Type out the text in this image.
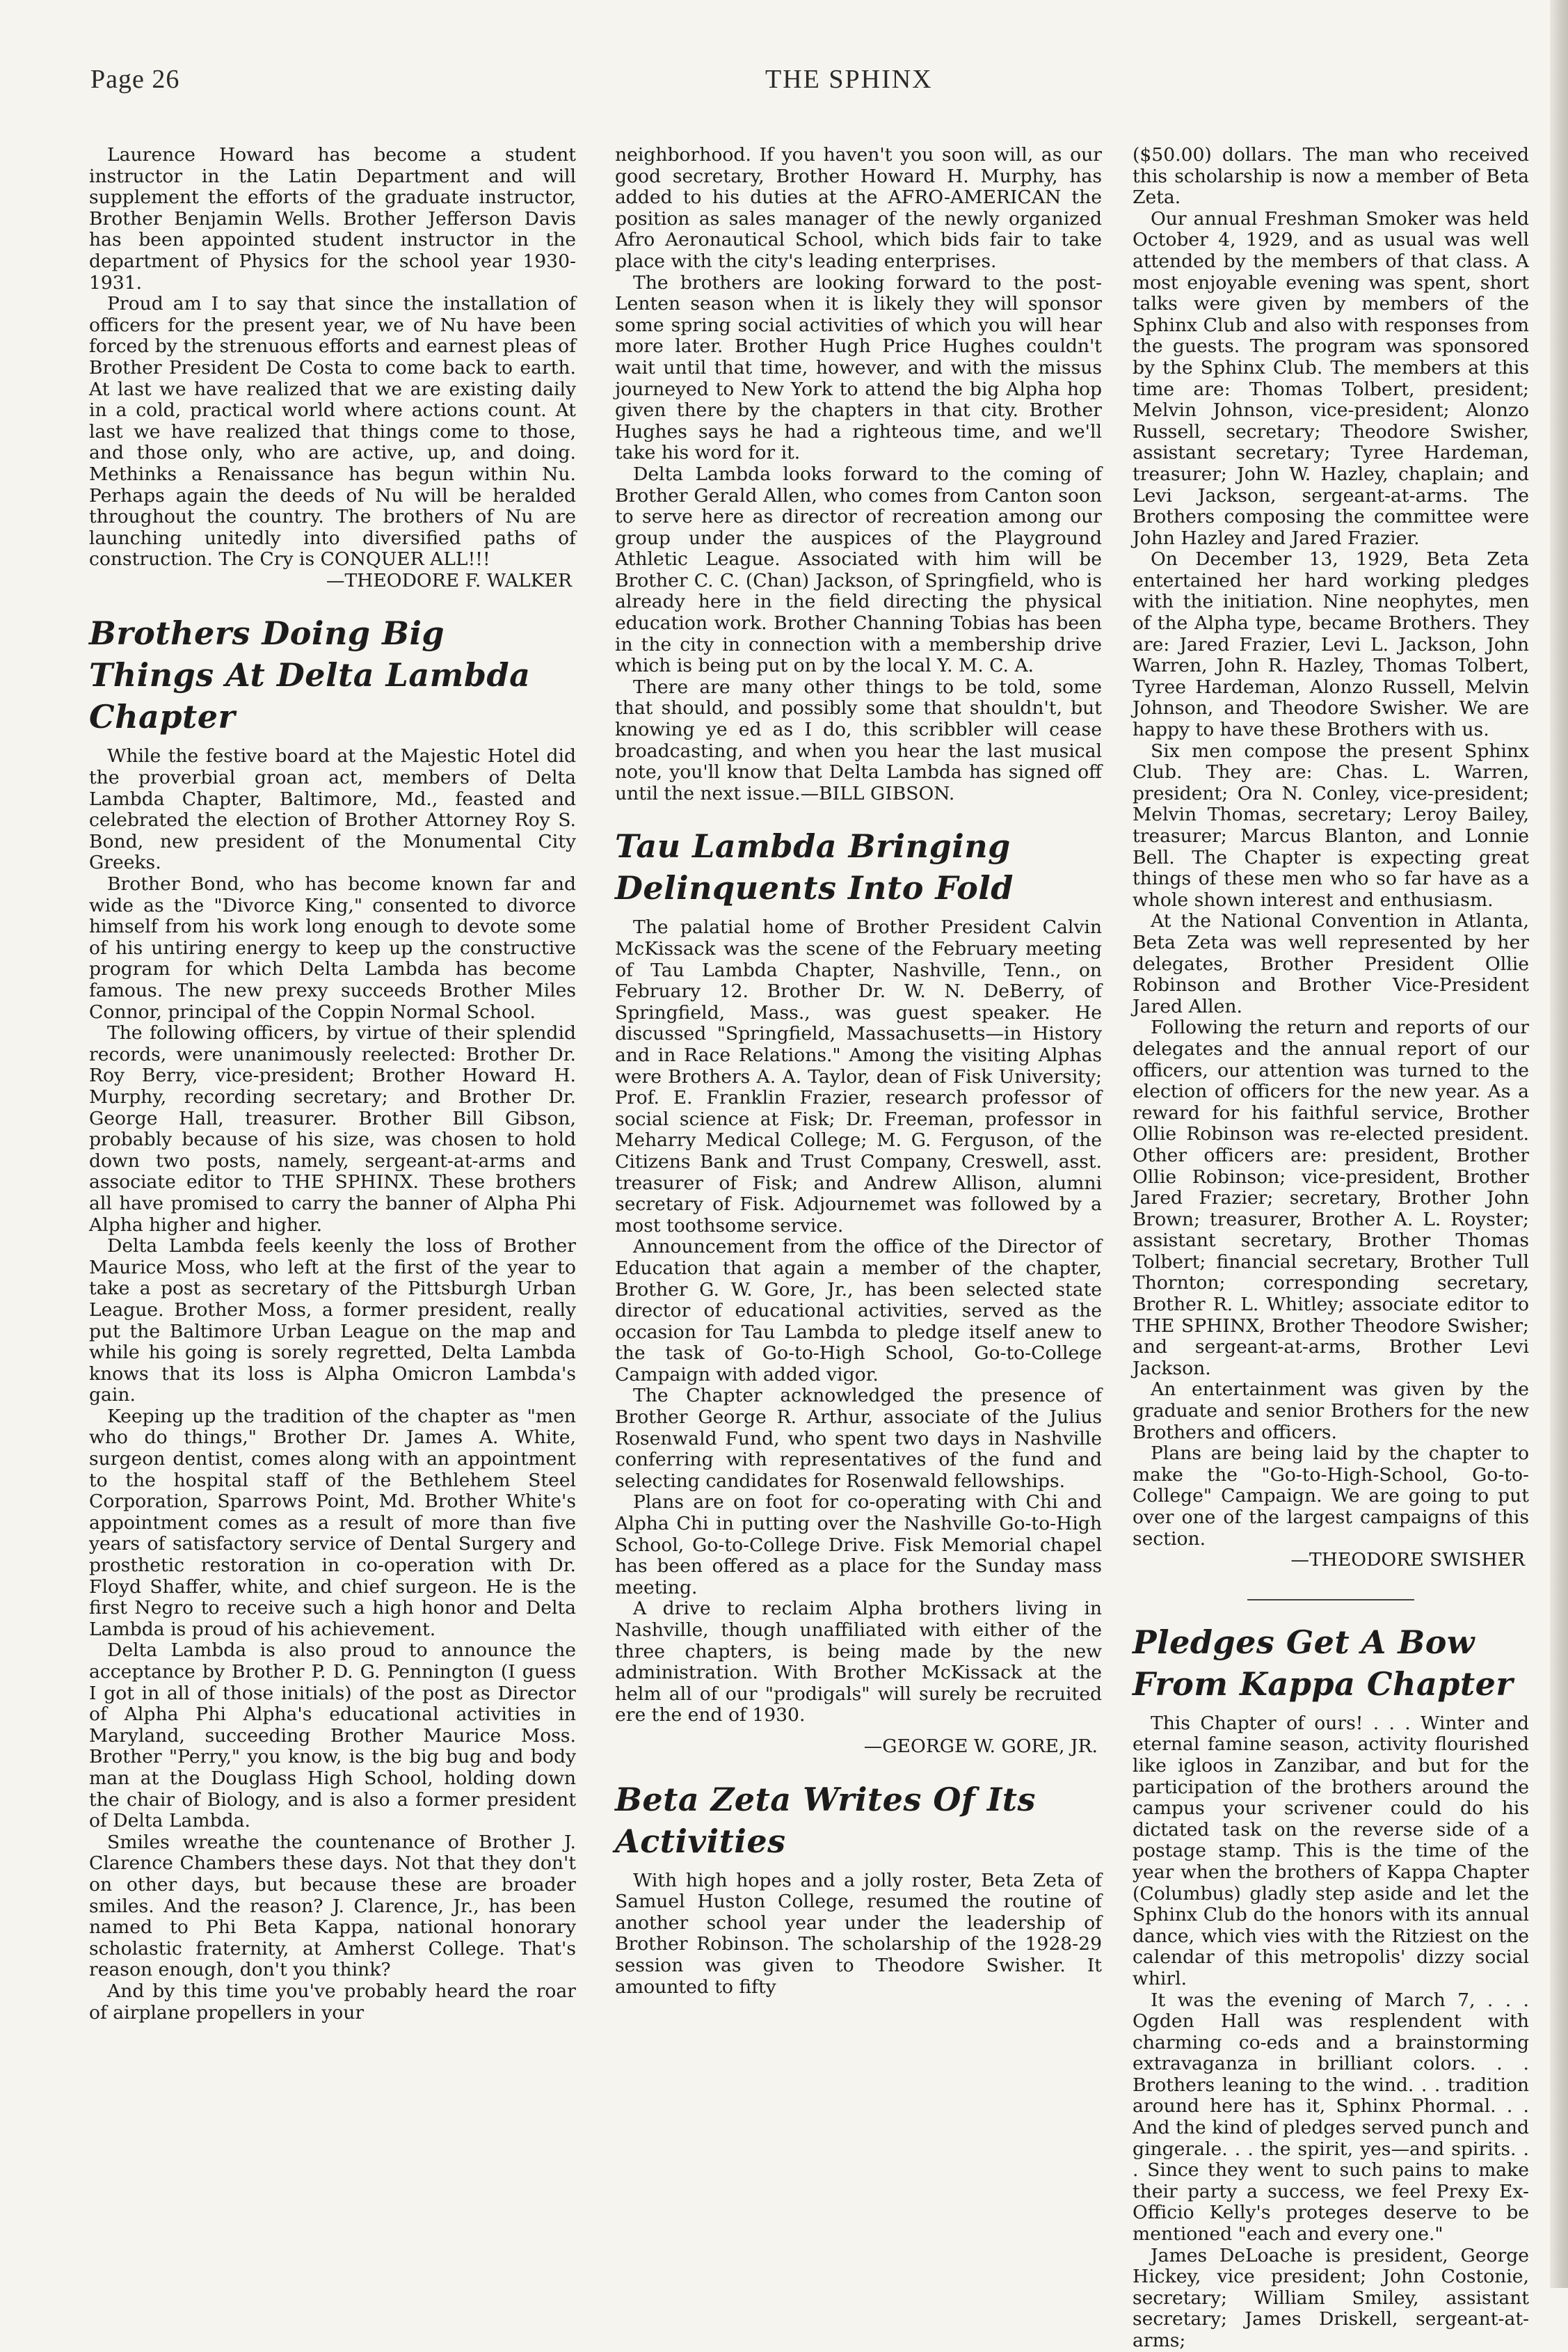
Page 26	THE SPHINX

Laurence Howard has become a student instructor in the Latin Department and will supplement the efforts of the graduate instructor, Brother Benjamin Wells. Brother Jefferson Davis has been appointed student instructor in the department of Physics for the school year 1930-1931.

Proud am I to say that since the installation of officers for the present year, we of Nu have been forced by the strenuous efforts and earnest pleas of Brother President De Costa to come back to earth. At last we have realized that we are existing daily in a cold, practical world where actions count. At last we have realized that things come to those, and those only, who are active, up, and doing. Methinks a Renaissance has begun within Nu. Perhaps again the deeds of Nu will be heralded throughout the country. The brothers of Nu are launching unitedly into diversified paths of construction. The Cry is CONQUER ALL!!!

—THEODORE F. WALKER

Brothers Doing Big Things At Delta Lambda Chapter

While the festive board at the Majestic Hotel did the proverbial groan act, members of Delta Lambda Chapter, Baltimore, Md., feasted and celebrated the election of Brother Attorney Roy S. Bond, new president of the Monumental City Greeks.

Brother Bond, who has become known far and wide as the "Divorce King," consented to divorce himself from his work long enough to devote some of his untiring energy to keep up the constructive program for which Delta Lambda has become famous. The new prexy succeeds Brother Miles Connor, principal of the Coppin Normal School.

The following officers, by virtue of their splendid records, were unanimously reelected: Brother Dr. Roy Berry, vice-president; Brother Howard H. Murphy, recording secretary; and Brother Dr. George Hall, treasurer. Brother Bill Gibson, probably because of his size, was chosen to hold down two posts, namely, sergeant-at-arms and associate editor to THE SPHINX. These brothers all have promised to carry the banner of Alpha Phi Alpha higher and higher.

Delta Lambda feels keenly the loss of Brother Maurice Moss, who left at the first of the year to take a post as secretary of the Pittsburgh Urban League. Brother Moss, a former president, really put the Baltimore Urban League on the map and while his going is sorely regretted, Delta Lambda knows that its loss is Alpha Omicron Lambda's gain.

Keeping up the tradition of the chapter as "men who do things," Brother Dr. James A. White, surgeon dentist, comes along with an appointment to the hospital staff of the Bethlehem Steel Corporation, Sparrows Point, Md. Brother White's appointment comes as a result of more than five years of satisfactory service of Dental Surgery and prosthetic restoration in co-operation with Dr. Floyd Shaffer, white, and chief surgeon. He is the first Negro to receive such a high honor and Delta Lambda is proud of his achievement.

Delta Lambda is also proud to announce the acceptance by Brother P. D. G. Pennington (I guess I got in all of those initials) of the post as Director of Alpha Phi Alpha's educational activities in Maryland, succeeding Brother Maurice Moss. Brother "Perry," you know, is the big bug and body man at the Douglass High School, holding down the chair of Biology, and is also a former president of Delta Lambda.

Smiles wreathe the countenance of Brother J. Clarence Chambers these days. Not that they don't on other days, but because these are broader smiles. And the reason? J. Clarence, Jr., has been named to Phi Beta Kappa, national honorary scholastic fraternity, at Amherst College. That's reason enough, don't you think?

And by this time you've probably heard the roar of airplane propellers in your

neighborhood. If you haven't you soon will, as our good secretary, Brother Howard H. Murphy, has added to his duties at the AFRO-AMERICAN the position as sales manager of the newly organized Afro Aeronautical School, which bids fair to take place with the city's leading enterprises.

The brothers are looking forward to the post-Lenten season when it is likely they will sponsor some spring social activities of which you will hear more later. Brother Hugh Price Hughes couldn't wait until that time, however, and with the missus journeyed to New York to attend the big Alpha hop given there by the chapters in that city. Brother Hughes says he had a righteous time, and we'll take his word for it.

Delta Lambda looks forward to the coming of Brother Gerald Allen, who comes from Canton soon to serve here as director of recreation among our group under the auspices of the Playground Athletic League. Associated with him will be Brother C. C. (Chan) Jackson, of Springfield, who is already here in the field directing the physical education work. Brother Channing Tobias has been in the city in connection with a membership drive which is being put on by the local Y. M. C. A.

There are many other things to be told, some that should, and possibly some that shouldn't, but knowing ye ed as I do, this scribbler will cease broadcasting, and when you hear the last musical note, you'll know that Delta Lambda has signed off until the next issue.—BILL GIBSON.

Tau Lambda Bringing Delinquents Into Fold

The palatial home of Brother President Calvin McKissack was the scene of the February meeting of Tau Lambda Chapter, Nashville, Tenn., on February 12. Brother Dr. W. N. DeBerry, of Springfield, Mass., was guest speaker. He discussed "Springfield, Massachusetts—in History and in Race Relations." Among the visiting Alphas were Brothers A. A. Taylor, dean of Fisk University; Prof. E. Franklin Frazier, research professor of social science at Fisk; Dr. Freeman, professor in Meharry Medical College; M. G. Ferguson, of the Citizens Bank and Trust Company, Creswell, asst. treasurer of Fisk; and Andrew Allison, alumni secretary of Fisk. Adjournemet was followed by a most toothsome service.

Announcement from the office of the Director of Education that again a member of the chapter, Brother G. W. Gore, Jr., has been selected state director of educational activities, served as the occasion for Tau Lambda to pledge itself anew to the task of Go-to-High School, Go-to-College Campaign with added vigor.

The Chapter acknowledged the presence of Brother George R. Arthur, associate of the Julius Rosenwald Fund, who spent two days in Nashville conferring with representatives of the fund and selecting candidates for Rosenwald fellowships.

Plans are on foot for co-operating with Chi and Alpha Chi in putting over the Nashville Go-to-High School, Go-to-College Drive. Fisk Memorial chapel has been offered as a place for the Sunday mass meeting.

A drive to reclaim Alpha brothers living in Nashville, though unaffiliated with either of the three chapters, is being made by the new administration. With Brother McKissack at the helm all of our "prodigals" will surely be recruited ere the end of 1930.

—GEORGE W. GORE, JR.

Beta Zeta Writes Of Its Activities

With high hopes and a jolly roster, Beta Zeta of Samuel Huston College, resumed the routine of another school year under the leadership of Brother Robinson. The scholarship of the 1928-29 session was given to Theodore Swisher. It amounted to fifty

($50.00) dollars. The man who received this scholarship is now a member of Beta Zeta.

Our annual Freshman Smoker was held October 4, 1929, and as usual was well attended by the members of that class. A most enjoyable evening was spent, short talks were given by members of the Sphinx Club and also with responses from the guests. The program was sponsored by the Sphinx Club. The members at this time are: Thomas Tolbert, president; Melvin Johnson, vice-president; Alonzo Russell, secretary; Theodore Swisher, assistant secretary; Tyree Hardeman, treasurer; John W. Hazley, chaplain; and Levi Jackson, sergeant-at-arms. The Brothers composing the committee were John Hazley and Jared Frazier.

On December 13, 1929, Beta Zeta entertained her hard working pledges with the initiation. Nine neophytes, men of the Alpha type, became Brothers. They are: Jared Frazier, Levi L. Jackson, John Warren, John R. Hazley, Thomas Tolbert, Tyree Hardeman, Alonzo Russell, Melvin Johnson, and Theodore Swisher. We are happy to have these Brothers with us.

Six men compose the present Sphinx Club. They are: Chas. L. Warren, president; Ora N. Conley, vice-president; Melvin Thomas, secretary; Leroy Bailey, treasurer; Marcus Blanton, and Lonnie Bell. The Chapter is expecting great things of these men who so far have as a whole shown interest and enthusiasm.

At the National Convention in Atlanta, Beta Zeta was well represented by her delegates, Brother President Ollie Robinson and Brother Vice-President Jared Allen.

Following the return and reports of our delegates and the annual report of our officers, our attention was turned to the election of officers for the new year. As a reward for his faithful service, Brother Ollie Robinson was re-elected president. Other officers are: president, Brother Ollie Robinson; vice-president, Brother Jared Frazier; secretary, Brother John Brown; treasurer, Brother A. L. Royster; assistant secretary, Brother Thomas Tolbert; financial secretary, Brother Tull Thornton; corresponding secretary, Brother R. L. Whitley; associate editor to THE SPHINX, Brother Theodore Swisher; and sergeant-at-arms, Brother Levi Jackson.

An entertainment was given by the graduate and senior Brothers for the new Brothers and officers.

Plans are being laid by the chapter to make the "Go-to-High-School, Go-to-College" Campaign. We are going to put over one of the largest campaigns of this section.

—THEODORE SWISHER

Pledges Get A Bow From Kappa Chapter

This Chapter of ours! . . . Winter and eternal famine season, activity flourished like igloos in Zanzibar, and but for the participation of the brothers around the campus your scrivener could do his dictated task on the reverse side of a postage stamp. This is the time of the year when the brothers of Kappa Chapter (Columbus) gladly step aside and let the Sphinx Club do the honors with its annual dance, which vies with the Ritziest on the calendar of this metropolis' dizzy social whirl.

It was the evening of March 7, . . . Ogden Hall was resplendent with charming co-eds and a brainstorming extravaganza in brilliant colors. . . Brothers leaning to the wind. . . tradition around here has it, Sphinx Phormal. . . And the kind of pledges served punch and gingerale. . . the spirit, yes—and spirits. . . Since they went to such pains to make their party a success, we feel Prexy Ex-Officio Kelly's proteges deserve to be mentioned "each and every one."

James DeLoache is president, George Hickey, vice president; John Costonie, secretary; William Smiley, assistant secretary; James Driskell, sergeant-at-arms;
